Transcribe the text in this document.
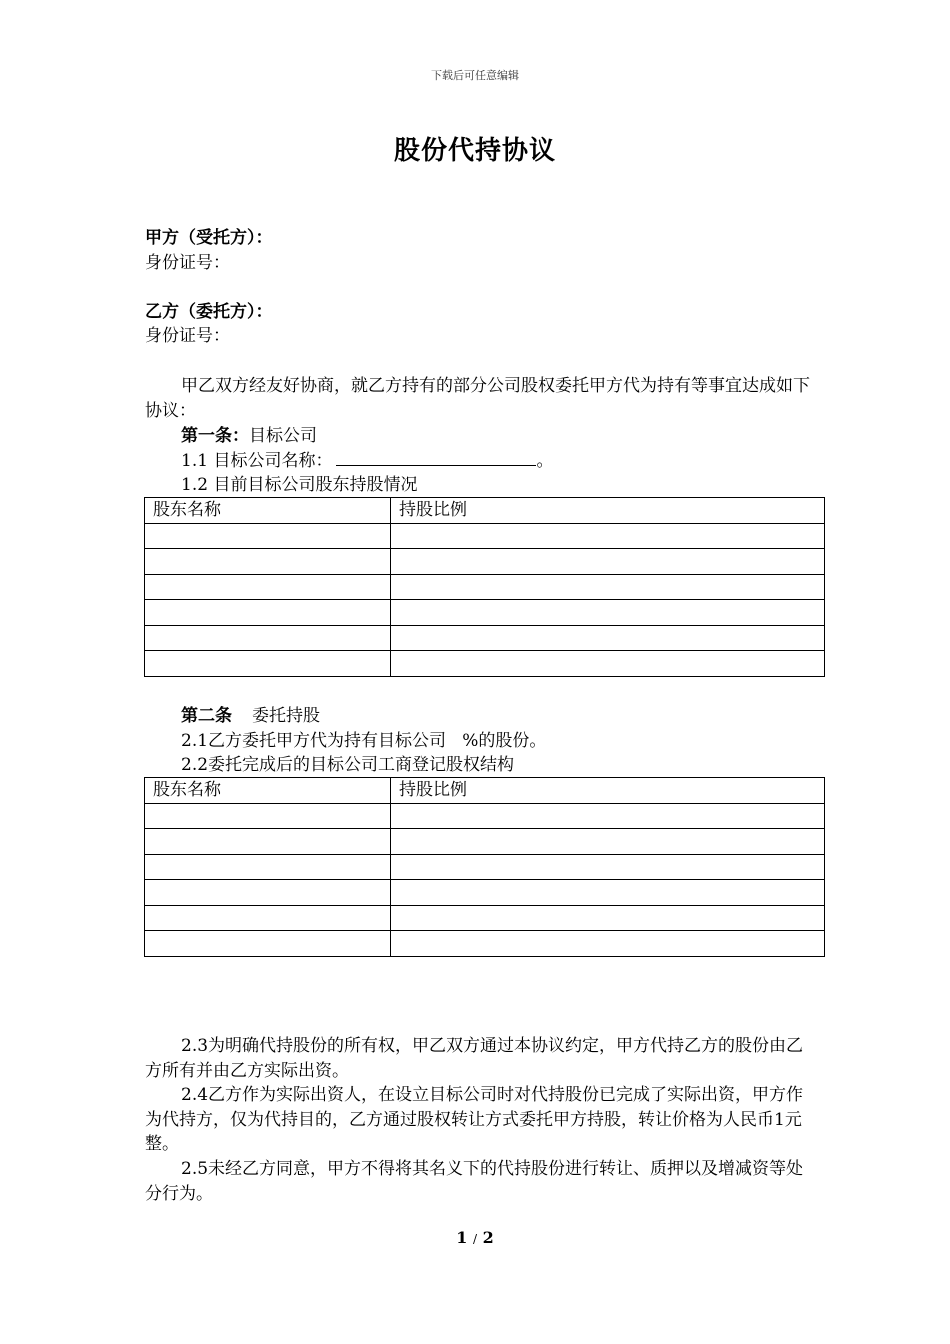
下载后可任意编辑
股份代持协议
甲方（受托方）：
身份证号：
乙方（委托方）：
身份证号：
甲乙双方经友好协商，就乙方持有的部分公司股权委托甲方代为持有等事宜达成如下协议：
第一条：目标公司
1.1 目标公司名称：	。
1.2 目前目标公司股东持股情况
股东名称	持股比例

第二条 委托持股
2.1乙方委托甲方代为持有目标公司   %的股份。
2.2委托完成后的目标公司工商登记股权结构
股东名称	持股比例

2.3为明确代持股份的所有权，甲乙双方通过本协议约定，甲方代持乙方的股份由乙方所有并由乙方实际出资。
2.4乙方作为实际出资人，在设立目标公司时对代持股份已完成了实际出资，甲方作为代持方，仅为代持目的，乙方通过股权转让方式委托甲方持股，转让价格为人民币1元整。
2.5未经乙方同意，甲方不得将其名义下的代持股份进行转让、质押以及增减资等处分行为。
1 / 2
